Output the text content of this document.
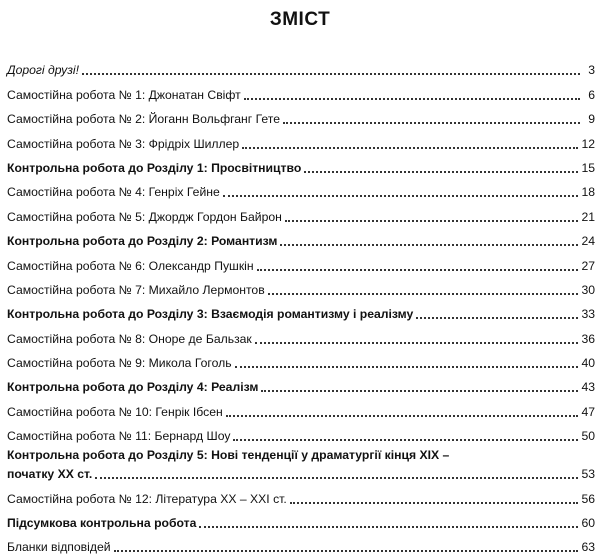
ЗМІСТ
Дорогі друзі!	3
Самостійна робота № 1: Джонатан Свіфт	6
Самостійна робота № 2: Йоганн Вольфганг Гете	9
Самостійна робота № 3: Фрідріх Шиллер	12
Контрольна робота до Розділу 1: Просвітництво	15
Самостійна робота № 4: Генріх Гейне	18
Самостійна робота № 5: Джордж Гордон Байрон	21
Контрольна робота до Розділу 2: Романтизм	24
Самостійна робота № 6: Олександр Пушкін	27
Самостійна робота № 7: Михайло Лермонтов	30
Контрольна робота до Розділу 3: Взаємодія романтизму і реалізму	33
Самостійна робота № 8: Оноре де Бальзак	36
Самостійна робота № 9: Микола Гоголь	40
Контрольна робота до Розділу 4: Реалізм	43
Самостійна робота № 10: Генрік Ібсен	47
Самостійна робота № 11: Бернард Шоу	50
Контрольна робота до Розділу 5: Нові тенденції у драматургії кінця XIX –
початку XX ст.	53
Самостійна робота № 12: Література XX – XXI ст.	56
Підсумкова контрольна робота	60
Бланки відповідей	63
